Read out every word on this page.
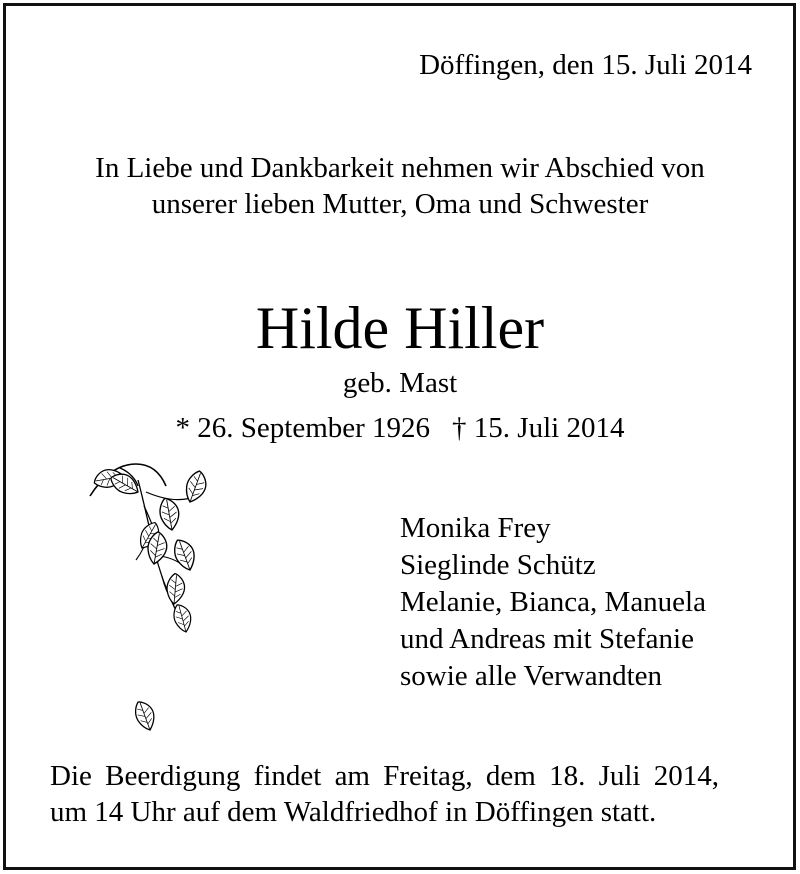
Döffingen, den 15. Juli 2014
In Liebe und Dankbarkeit nehmen wir Abschied von
unserer lieben Mutter, Oma und Schwester
Hilde Hiller
geb. Mast
* 26. September 1926 † 15. Juli 2014
Monika Frey
Sieglinde Schütz
Melanie, Bianca, Manuela
und Andreas mit Stefanie
sowie alle Verwandten
Die Beerdigung findet am Freitag, dem 18. Juli 2014,
um 14 Uhr auf dem Waldfriedhof in Döffingen statt.
